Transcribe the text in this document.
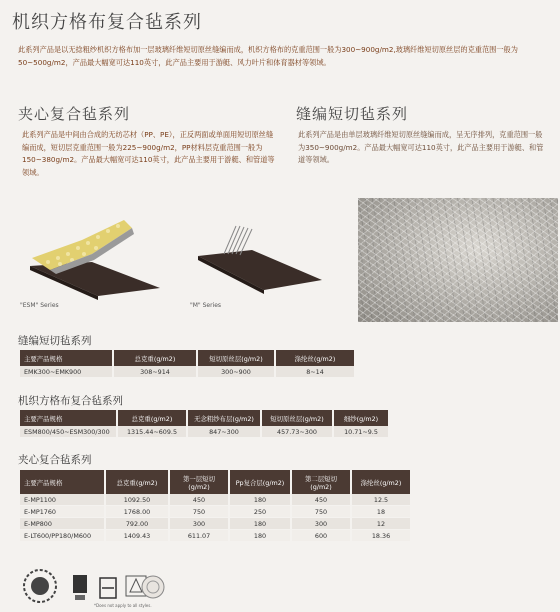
机织方格布复合毡系列
此系列产品是以无捻粗纱机织方格布加一层玻璃纤维短切原丝缝编而成，机织方格布的克重范围一般为300~900g/m2,玻璃纤维短切原丝层的克重范围一般为50~500g/m2，产品最大幅宽可达110英寸，此产品主要用于游艇、风力叶片和体育器材等领域。
夹心复合毡系列
此系列产品是中间由合成的无纺芯材（PP、PE），正反两面或单面用短切原丝缝编而成，短切层克重范围一般为225~900g/m2，PP材料层克重范围一般为150~380g/m2。产品最大幅宽可达110英寸，此产品主要用于游艇、和管道等领域。
缝编短切毡系列
此系列产品是由单层玻璃纤维短切原丝缝编而成，呈无序排列，克重范围一般为350~900g/m2。产品最大幅宽可达110英寸，此产品主要用于游艇、和管道等领域。
"ESM" Series	"M" Series
缝编短切毡系列
主要产品规格	总克重(g/m2)	短切原丝层(g/m2)	涤纶丝(g/m2)
EMK300~EMK900	308~914	300~900	8~14
机织方格布复合毡系列
主要产品规格	总克重(g/m2)	无念粗纱布层(g/m2)	短切原丝层(g/m2)	细纱(g/m2)
ESM800/450~ESM300/300	1315.44~609.5	847~300	457.73~300	10.71~9.5
夹心复合毡系列
主要产品规格	总克重(g/m2)	第一层短切(g/m2)	Pp复合层(g/m2)	第二层短切(g/m2)	涤纶丝(g/m2)
E-MP1100	1092.50	450	180	450	12.5
E-MP1760	1768.00	750	250	750	18
E-MP800	792.00	300	180	300	12
E-LT600/PP180/M600	1409.43	611.07	180	600	18.36
*Does not apply to all styles.
